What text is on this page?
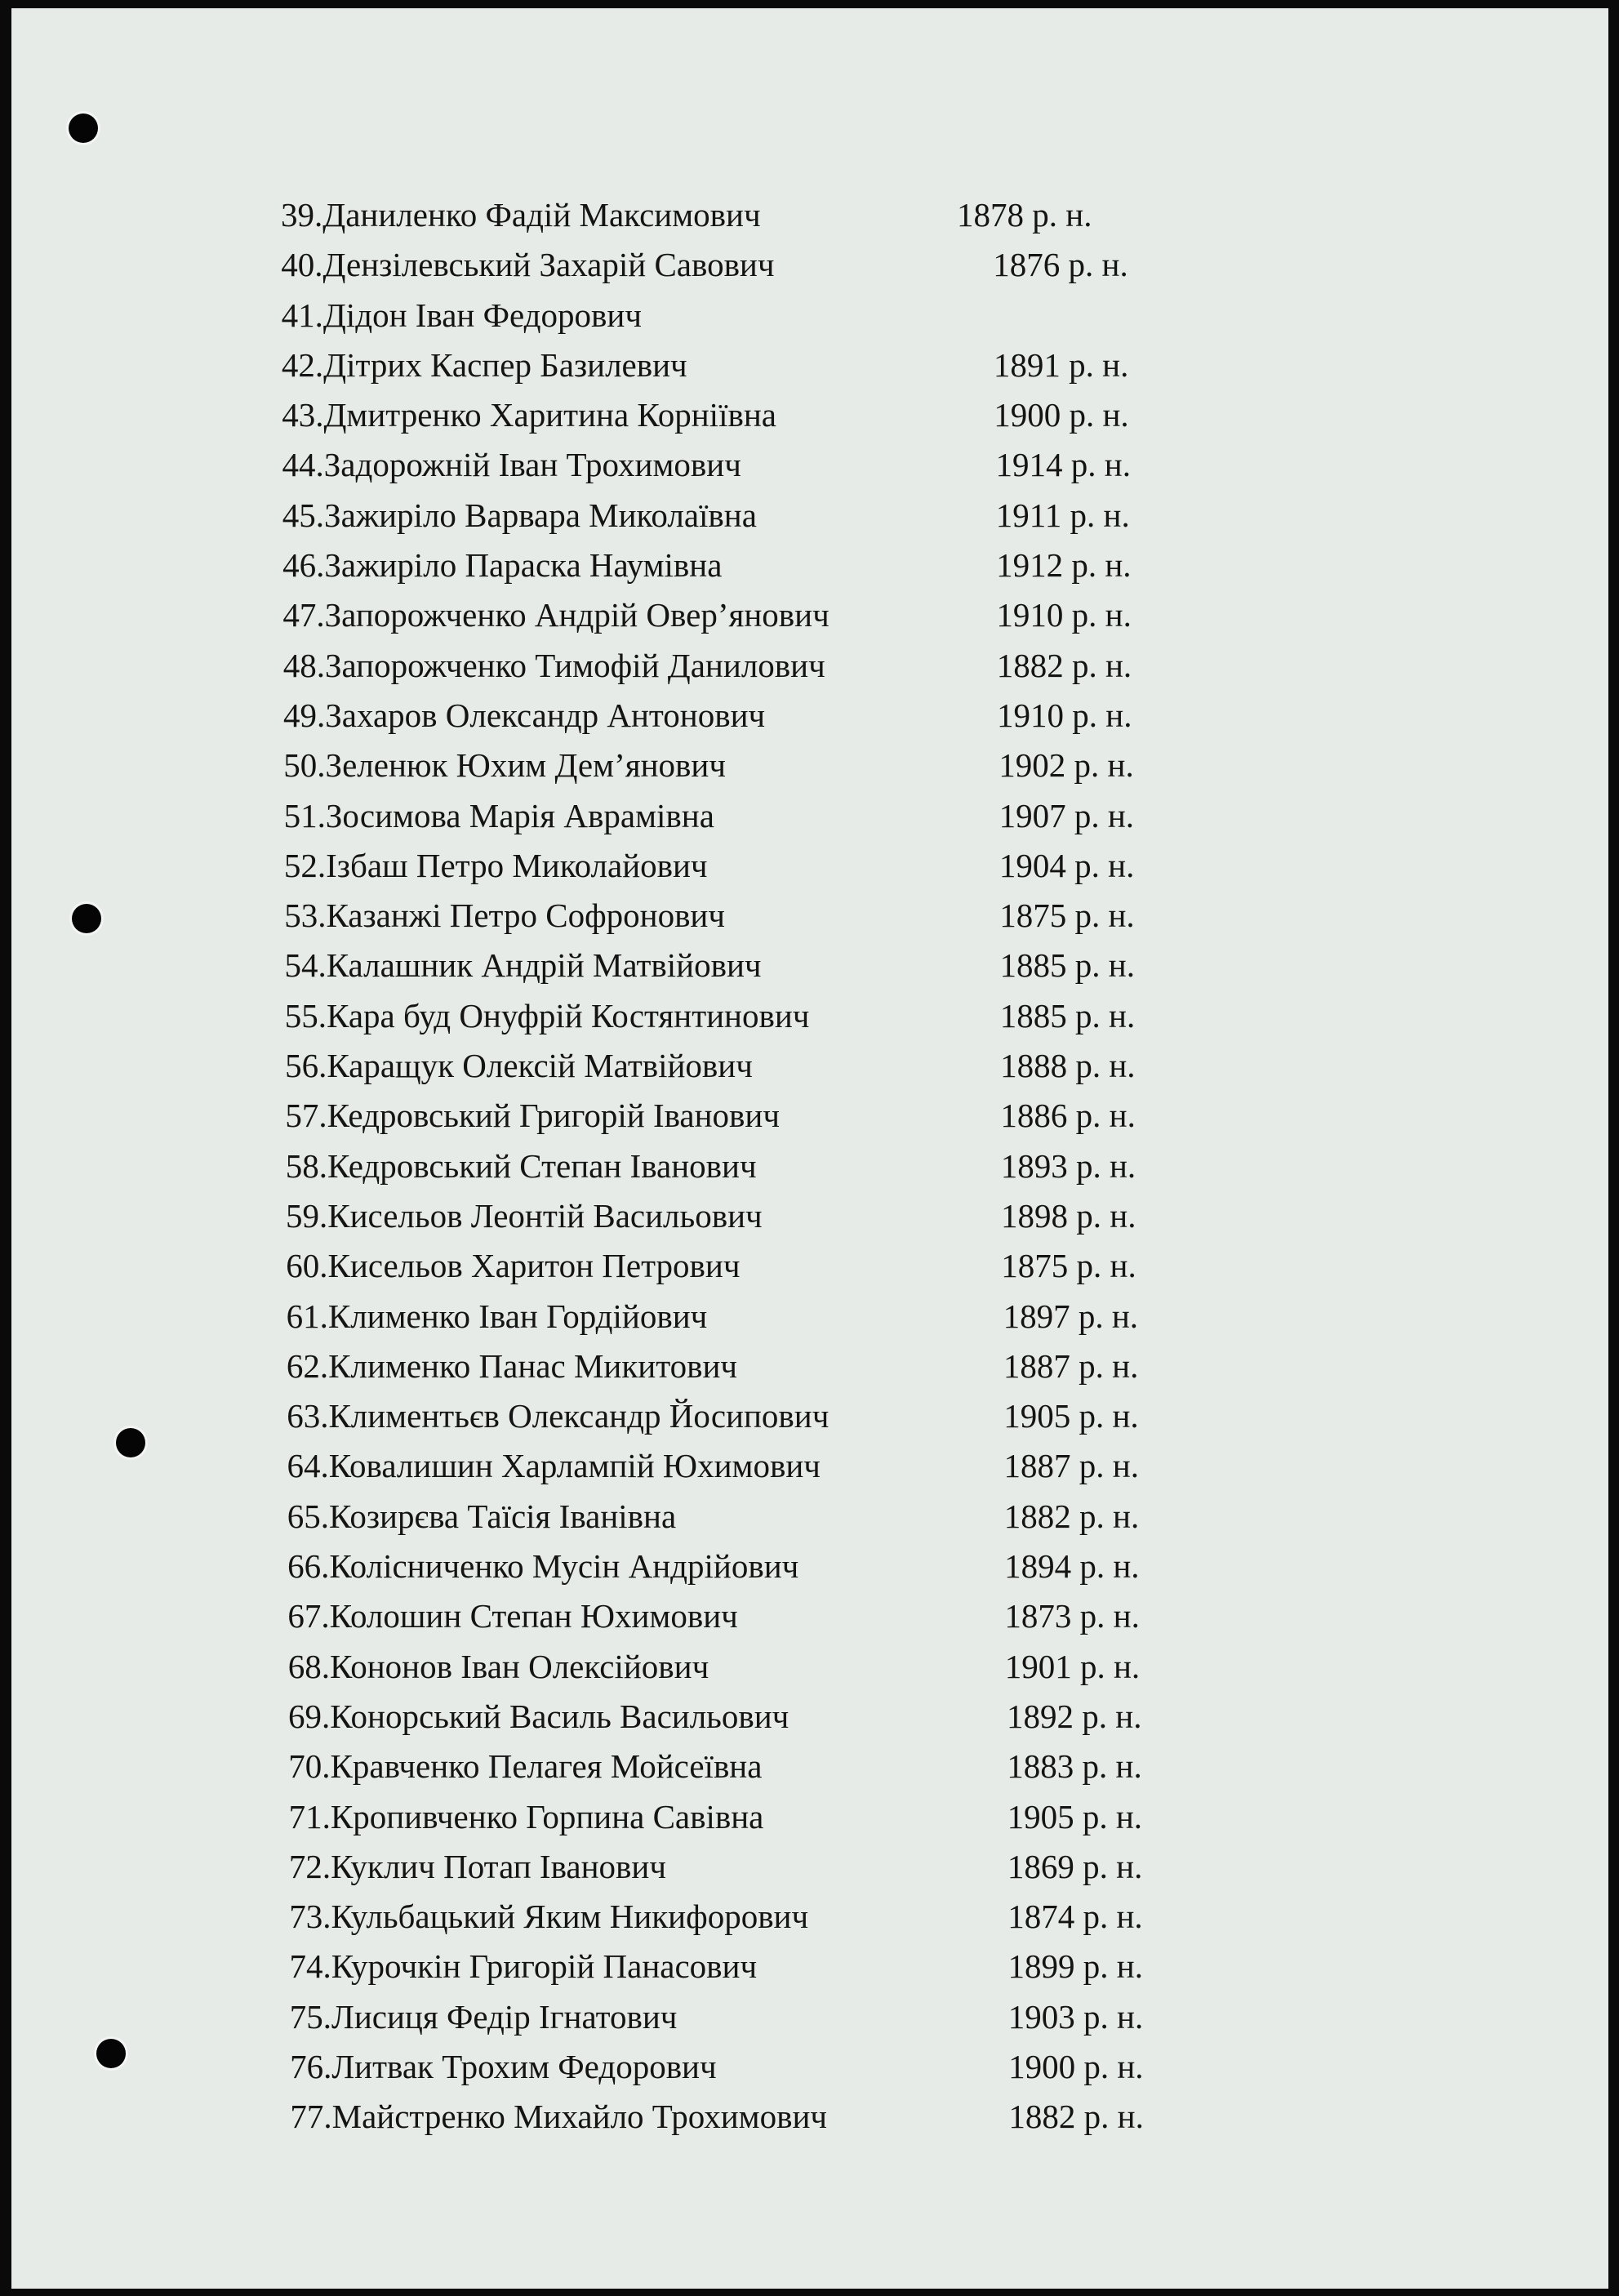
39.Даниленко Фадій Максимович	1878 р. н.
40.Дензілевський Захарій Савович	1876 р. н.
41.Дідон Іван Федорович
42.Дітрих Каспер Базилевич	1891 р. н.
43.Дмитренко Харитина Корніївна	1900 р. н.
44.Задорожній Іван Трохимович	1914 р. н.
45.Зажиріло Варвара Миколаївна	1911 р. н.
46.Зажиріло Параска Наумівна	1912 р. н.
47.Запорожченко Андрій Овер’янович	1910 р. н.
48.Запорожченко Тимофій Данилович	1882 р. н.
49.Захаров Олександр Антонович	1910 р. н.
50.Зеленюк Юхим Дем’янович	1902 р. н.
51.Зосимова Марія Аврамівна	1907 р. н.
52.Ізбаш Петро Миколайович	1904 р. н.
53.Казанжі Петро Софронович	1875 р. н.
54.Калашник Андрій Матвійович	1885 р. н.
55.Кара буд Онуфрій Костянтинович	1885 р. н.
56.Каращук Олексій Матвійович	1888 р. н.
57.Кедровський Григорій Іванович	1886 р. н.
58.Кедровський Степан Іванович	1893 р. н.
59.Кисельов Леонтій Васильович	1898 р. н.
60.Кисельов Харитон Петрович	1875 р. н.
61.Клименко Іван Гордійович	1897 р. н.
62.Клименко Панас Микитович	1887 р. н.
63.Климентьєв Олександр Йосипович	1905 р. н.
64.Ковалишин Харлампій Юхимович	1887 р. н.
65.Козирєва Таїсія Іванівна	1882 р. н.
66.Колісниченко Мусін Андрійович	1894 р. н.
67.Колошин Степан Юхимович	1873 р. н.
68.Кононов Іван Олексійович	1901 р. н.
69.Конорський Василь Васильович	1892 р. н.
70.Кравченко Пелагея Мойсеївна	1883 р. н.
71.Кропивченко Горпина Савівна	1905 р. н.
72.Куклич Потап Іванович	1869 р. н.
73.Кульбацький Яким Никифорович	1874 р. н.
74.Курочкін Григорій Панасович	1899 р. н.
75.Лисиця Федір Ігнатович	1903 р. н.
76.Литвак Трохим Федорович	1900 р. н.
77.Майстренко Михайло Трохимович	1882 р. н.
